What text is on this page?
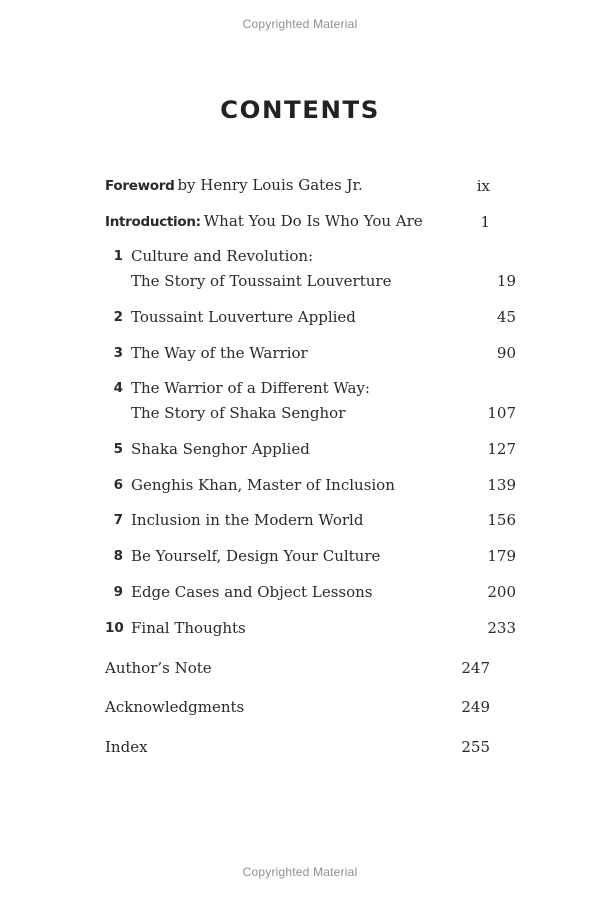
Copyrighted Material
CONTENTS
Foreword by Henry Louis Gates Jr.	ix
Introduction: What You Do Is Who You Are	1
1 Culture and Revolution:
The Story of Toussaint Louverture	19
2 Toussaint Louverture Applied	45
3 The Way of the Warrior	90
4 The Warrior of a Different Way:
The Story of Shaka Senghor	107
5 Shaka Senghor Applied	127
6 Genghis Khan, Master of Inclusion	139
7 Inclusion in the Modern World	156
8 Be Yourself, Design Your Culture	179
9 Edge Cases and Object Lessons	200
10 Final Thoughts	233
Author’s Note	247
Acknowledgments	249
Index	255
Copyrighted Material
